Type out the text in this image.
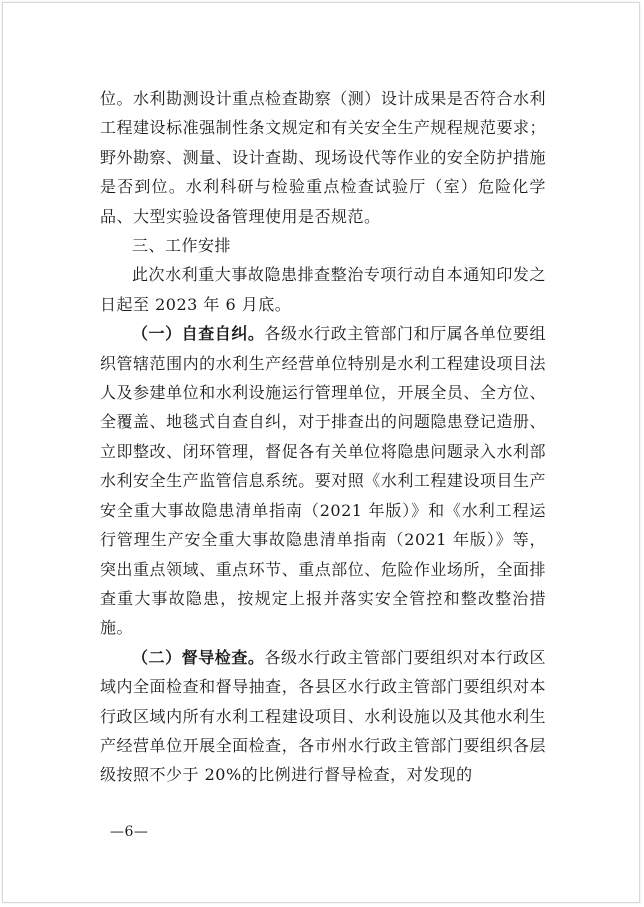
位。水利勘测设计重点检查勘察（测）设计成果是否符合水利工程建设标准强制性条文规定和有关安全生产规程规范要求；野外勘察、测量、设计查勘、现场设代等作业的安全防护措施是否到位。水利科研与检验重点检查试验厅（室）危险化学品、大型实验设备管理使用是否规范。

三、工作安排

此次水利重大事故隐患排查整治专项行动自本通知印发之日起至 2023 年 6 月底。

（一）自查自纠。各级水行政主管部门和厅属各单位要组织管辖范围内的水利生产经营单位特别是水利工程建设项目法人及参建单位和水利设施运行管理单位，开展全员、全方位、全覆盖、地毯式自查自纠，对于排查出的问题隐患登记造册、立即整改、闭环管理，督促各有关单位将隐患问题录入水利部水利安全生产监管信息系统。要对照《水利工程建设项目生产安全重大事故隐患清单指南（2021 年版）》和《水利工程运行管理生产安全重大事故隐患清单指南（2021 年版）》等，突出重点领域、重点环节、重点部位、危险作业场所，全面排查重大事故隐患，按规定上报并落实安全管控和整改整治措施。

（二）督导检查。各级水行政主管部门要组织对本行政区域内全面检查和督导抽查，各县区水行政主管部门要组织对本行政区域内所有水利工程建设项目、水利设施以及其他水利生产经营单位开展全面检查，各市州水行政主管部门要组织各层级按照不少于 20%的比例进行督导检查，对发现的

—6—
